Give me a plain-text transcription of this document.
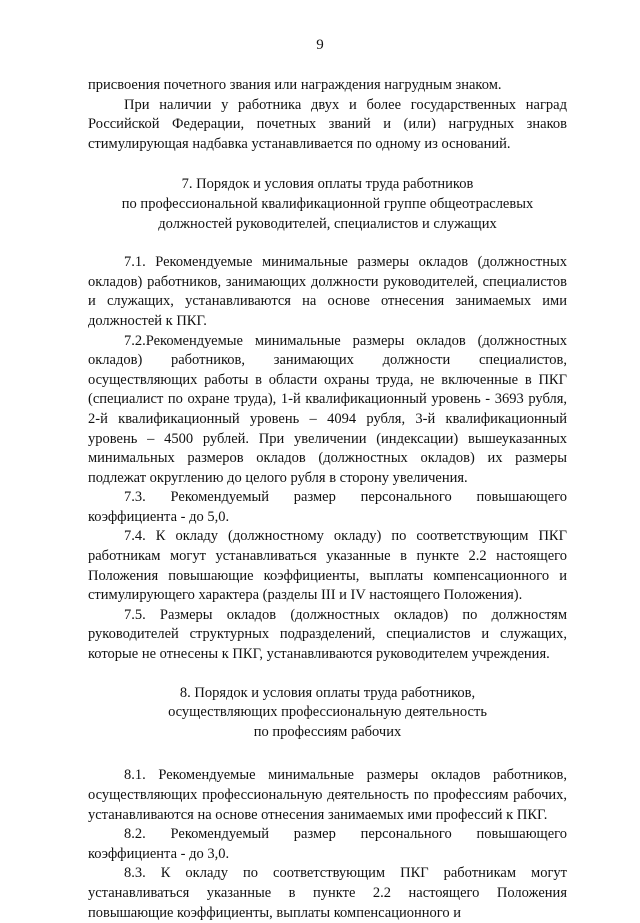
9

присвоения почетного звания или награждения нагрудным знаком.

При наличии у работника двух и более государственных наград Российской Федерации, почетных званий и (или) нагрудных знаков стимулирующая надбавка устанавливается по одному из оснований.

7. Порядок и условия оплаты труда работников
по профессиональной квалификационной группе общеотраслевых
должностей руководителей, специалистов и служащих

7.1. Рекомендуемые минимальные размеры окладов (должностных окладов) работников, занимающих должности руководителей, специалистов и служащих, устанавливаются на основе отнесения занимаемых ими должностей к ПКГ.

7.2.Рекомендуемые минимальные размеры окладов (должностных окладов) работников, занимающих должности специалистов, осуществляющих работы в области охраны труда, не включенные в ПКГ (специалист по охране труда), 1-й квалификационный уровень - 3693 рубля, 2-й квалификационный уровень – 4094 рубля, 3-й квалификационный уровень – 4500 рублей. При увеличении (индексации) вышеуказанных минимальных размеров окладов (должностных окладов) их размеры подлежат округлению до целого рубля в сторону увеличения.

7.3. Рекомендуемый размер персонального повышающего коэффициента - до 5,0.

7.4. К окладу (должностному окладу) по соответствующим ПКГ работникам могут устанавливаться указанные в пункте 2.2 настоящего Положения повышающие коэффициенты, выплаты компенсационного и стимулирующего характера (разделы III и IV настоящего Положения).

7.5. Размеры окладов (должностных окладов) по должностям руководителей структурных подразделений, специалистов и служащих, которые не отнесены к ПКГ, устанавливаются руководителем учреждения.

8. Порядок и условия оплаты труда работников,
осуществляющих профессиональную деятельность
по профессиям рабочих

8.1. Рекомендуемые минимальные размеры окладов работников, осуществляющих профессиональную деятельность по профессиям рабочих, устанавливаются на основе отнесения занимаемых ими профессий к ПКГ.

8.2. Рекомендуемый размер персонального повышающего коэффициента - до 3,0.

8.3. К окладу по соответствующим ПКГ работникам могут устанавливаться указанные в пункте 2.2 настоящего Положения повышающие коэффициенты, выплаты компенсационного и
